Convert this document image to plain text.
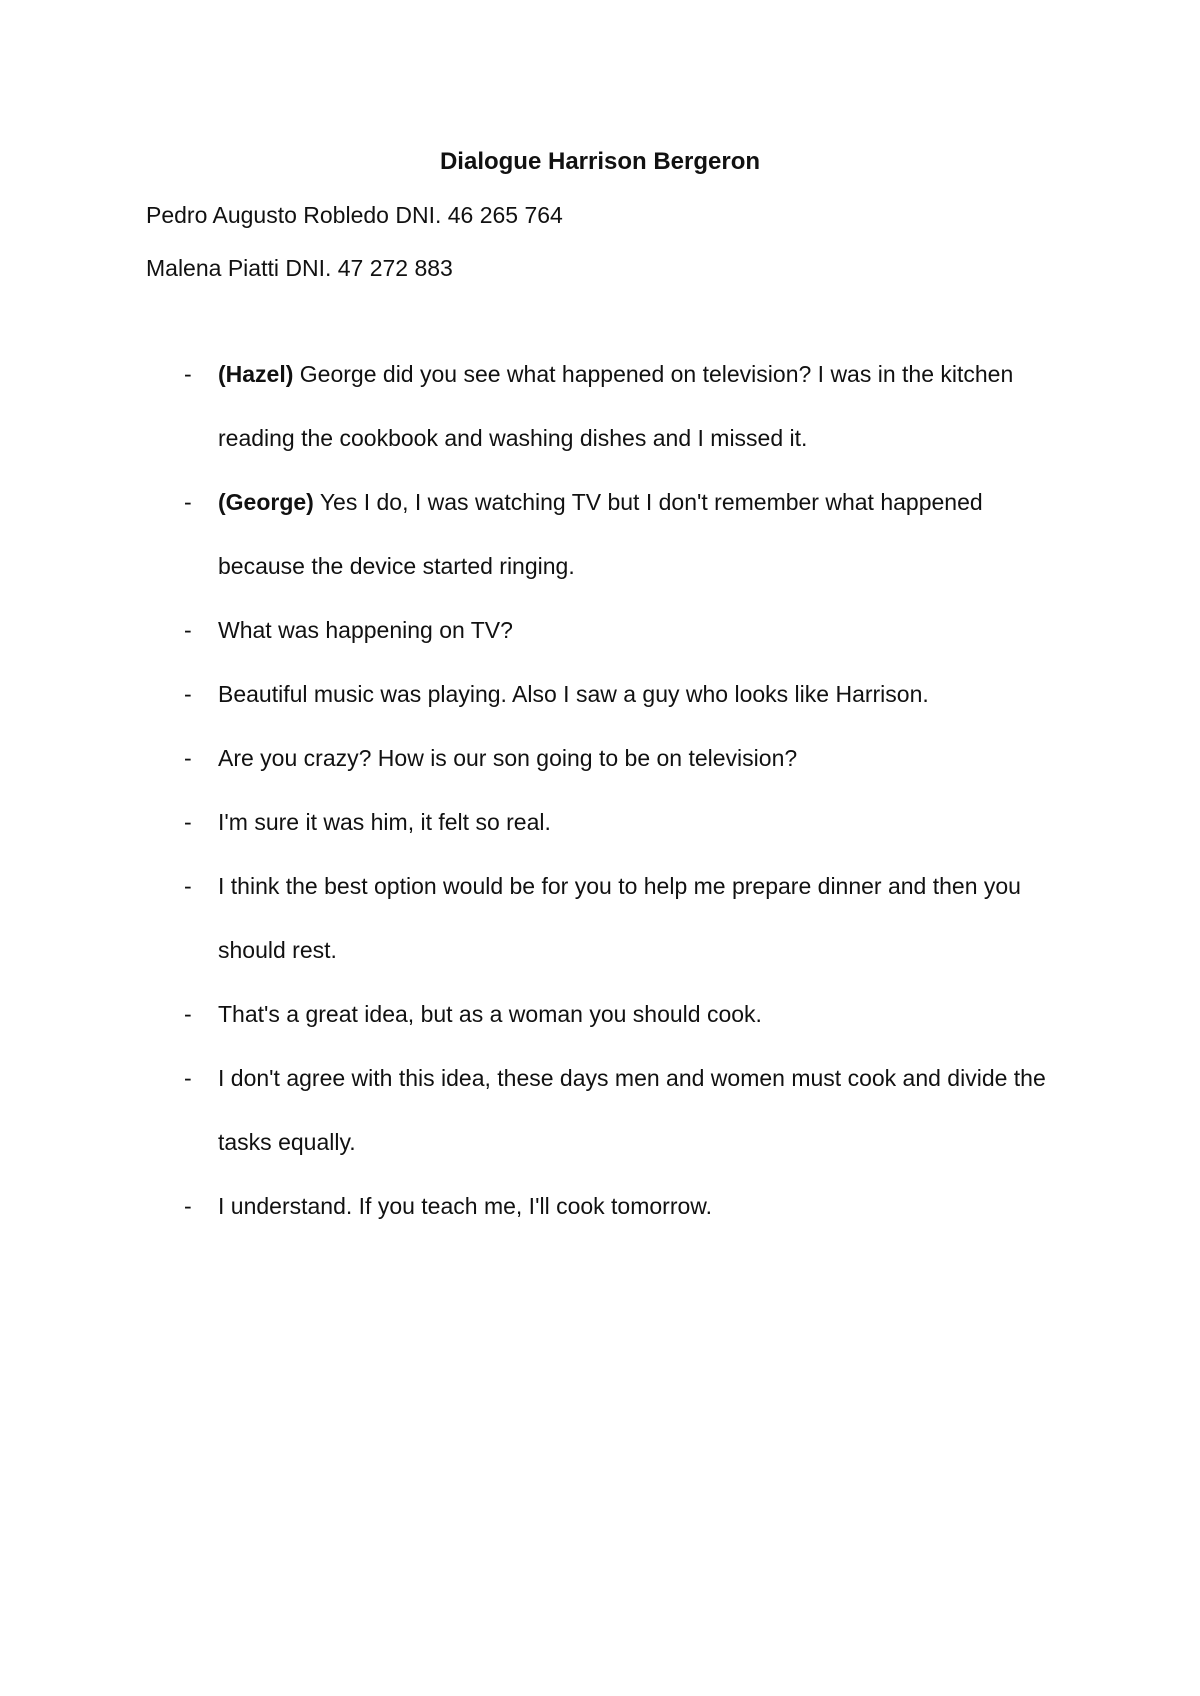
Dialogue Harrison Bergeron
Pedro Augusto Robledo DNI. 46 265 764
Malena Piatti DNI. 47 272 883
- (Hazel) George did you see what happened on television? I was in the kitchen reading the cookbook and washing dishes and I missed it.
- (George) Yes I do, I was watching TV but I don't remember what happened because the device started ringing.
- What was happening on TV?
- Beautiful music was playing. Also I saw a guy who looks like Harrison.
- Are you crazy? How is our son going to be on television?
- I'm sure it was him, it felt so real.
- I think the best option would be for you to help me prepare dinner and then you should rest.
- That's a great idea, but as a woman you should cook.
- I don't agree with this idea, these days men and women must cook and divide the tasks equally.
- I understand. If you teach me, I'll cook tomorrow.
